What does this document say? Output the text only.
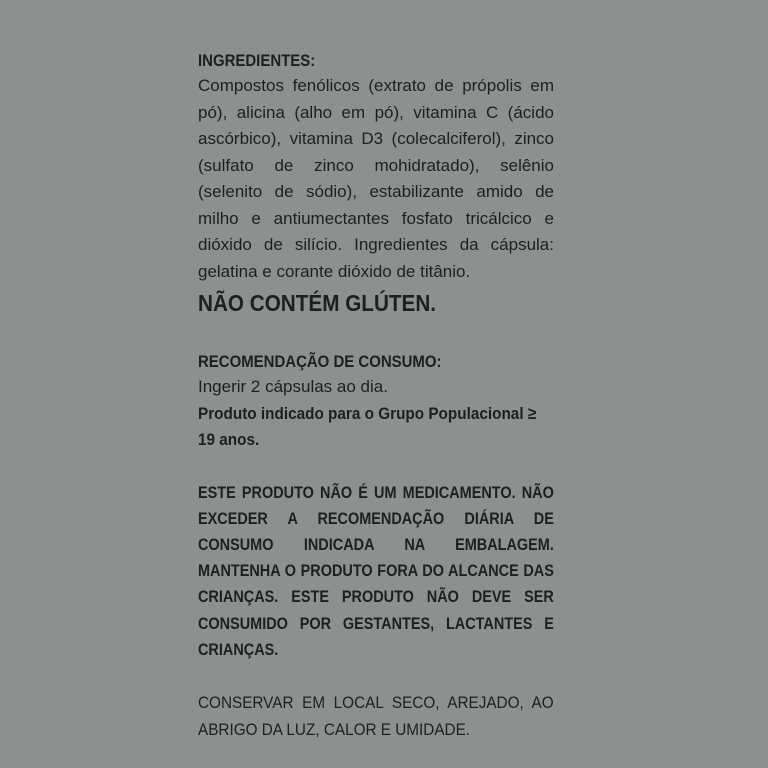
INGREDIENTES:

Compostos fenólicos (extrato de própolis em pó), alicina (alho em pó), vitamina C (ácido ascórbico), vitamina D3 (colecalciferol), zinco (sulfato de zinco mohidratado), selênio (selenito de sódio), estabilizante amido de milho e antiumectantes fosfato tricálcico e dióxido de silício. Ingredientes da cápsula: gelatina e corante dióxido de titânio.

NÃO CONTÉM GLÚTEN.

RECOMENDAÇÃO DE CONSUMO:

Ingerir 2 cápsulas ao dia.

Produto indicado para o Grupo Populacional ≥ 19 anos.

ESTE PRODUTO NÃO É UM MEDICAMENTO. NÃO EXCEDER A RECOMENDAÇÃO DIÁRIA DE CONSUMO INDICADA NA EMBALAGEM. MANTENHA O PRODUTO FORA DO ALCANCE DAS CRIANÇAS. ESTE PRODUTO NÃO DEVE SER CONSUMIDO POR GESTANTES, LACTANTES E CRIANÇAS.

CONSERVAR EM LOCAL SECO, AREJADO, AO ABRIGO DA LUZ, CALOR E UMIDADE.
